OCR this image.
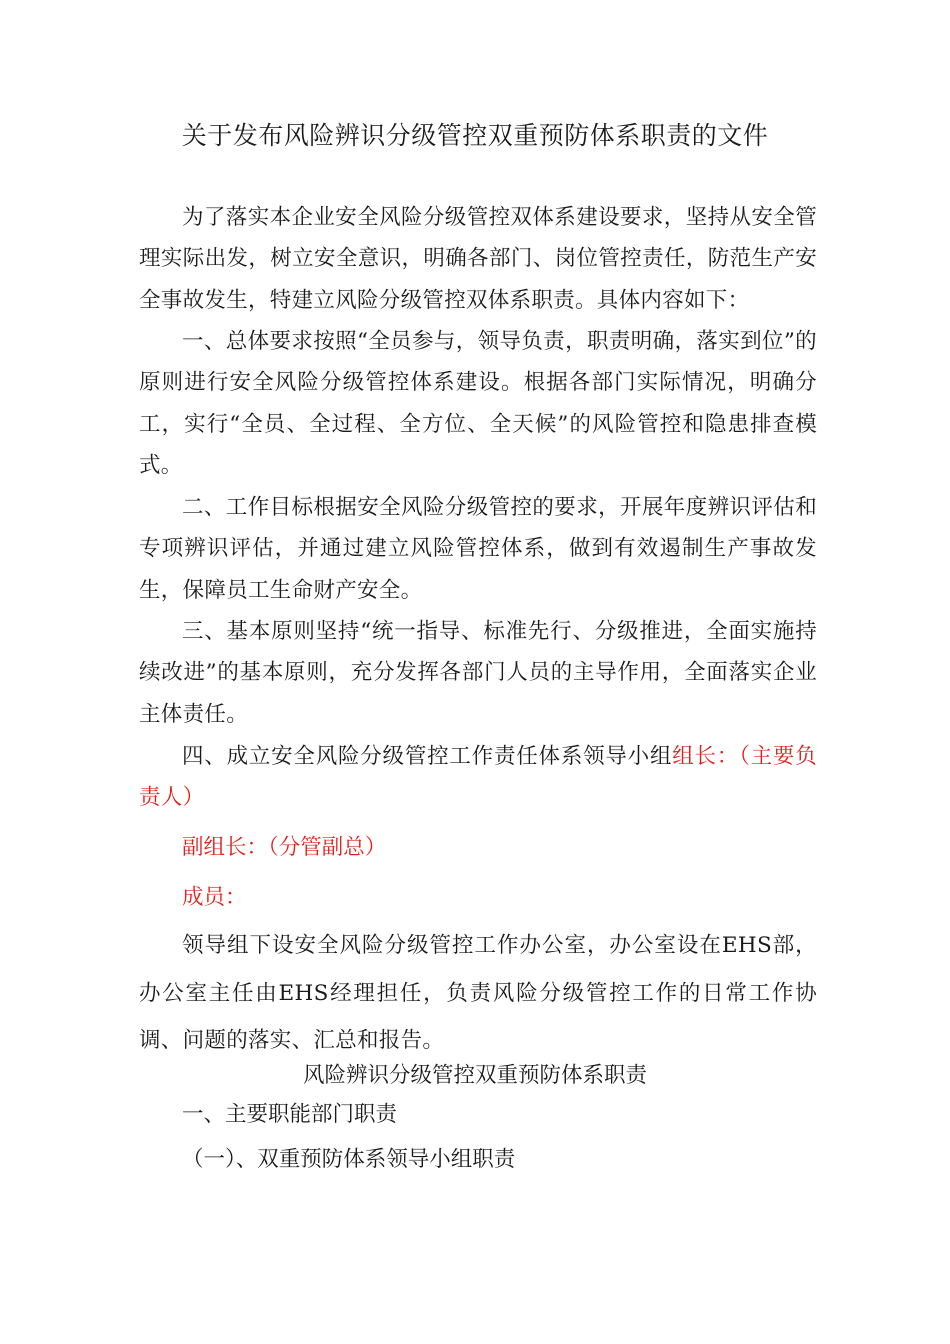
关于发布风险辨识分级管控双重预防体系职责的文件

为了落实本企业安全风险分级管控双体系建设要求，坚持从安全管理实际出发，树立安全意识，明确各部门、岗位管控责任，防范生产安全事故发生，特建立风险分级管控双体系职责。具体内容如下：

一、总体要求按照“全员参与，领导负责，职责明确，落实到位”的原则进行安全风险分级管控体系建设。根据各部门实际情况，明确分工，实行“全员、全过程、全方位、全天候”的风险管控和隐患排查模式。

二、工作目标根据安全风险分级管控的要求，开展年度辨识评估和专项辨识评估，并通过建立风险管控体系，做到有效遏制生产事故发生，保障员工生命财产安全。

三、基本原则坚持“统一指导、标准先行、分级推进，全面实施持续改进”的基本原则，充分发挥各部门人员的主导作用，全面落实企业主体责任。

四、成立安全风险分级管控工作责任体系领导小组组长：（主要负责人）

副组长：（分管副总）

成员：

领导组下设安全风险分级管控工作办公室，办公室设在EHS部，办公室主任由EHS经理担任，负责风险分级管控工作的日常工作协调、问题的落实、汇总和报告。

风险辨识分级管控双重预防体系职责

一、主要职能部门职责

（一）、双重预防体系领导小组职责
